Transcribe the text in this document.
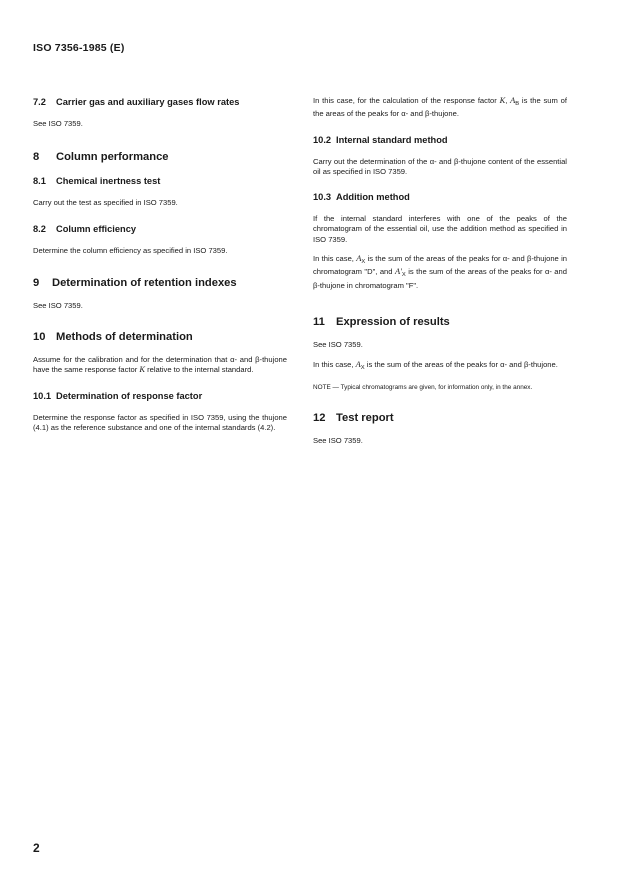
ISO 7356-1985 (E)
7.2 Carrier gas and auxiliary gases flow rates

See ISO 7359.

8 Column performance
8.1 Chemical inertness test

Carry out the test as specified in ISO 7359.

8.2 Column efficiency

Determine the column efficiency as specified in ISO 7359.

9 Determination of retention indexes

See ISO 7359.

10 Methods of determination

Assume for the calibration and for the determination that α- and β-thujone have the same response factor K relative to the internal standard.

10.1 Determination of response factor

Determine the response factor as specified in ISO 7359, using the thujone (4.1) as the reference substance and one of the internal standards (4.2).

In this case, for the calculation of the response factor K, $A_B$ is the sum of the areas of the peaks for α- and β-thujone.

10.2 Internal standard method

Carry out the determination of the α- and β-thujone content of the essential oil as specified in ISO 7359.

10.3 Addition method

If the internal standard interferes with one of the peaks of the chromatogram of the essential oil, use the addition method as specified in ISO 7359.

In this case, $A_X$ is the sum of the areas of the peaks for α- and β-thujone in chromatogram "D", and $A'_X$ is the sum of the areas of the peaks for α- and β-thujone in chromatogram "F".

11 Expression of results

See ISO 7359.

In this case, $A_X$ is the sum of the areas of the peaks for α- and β-thujone.

NOTE — Typical chromatograms are given, for information only, in the annex.

12 Test report

See ISO 7359.

2
